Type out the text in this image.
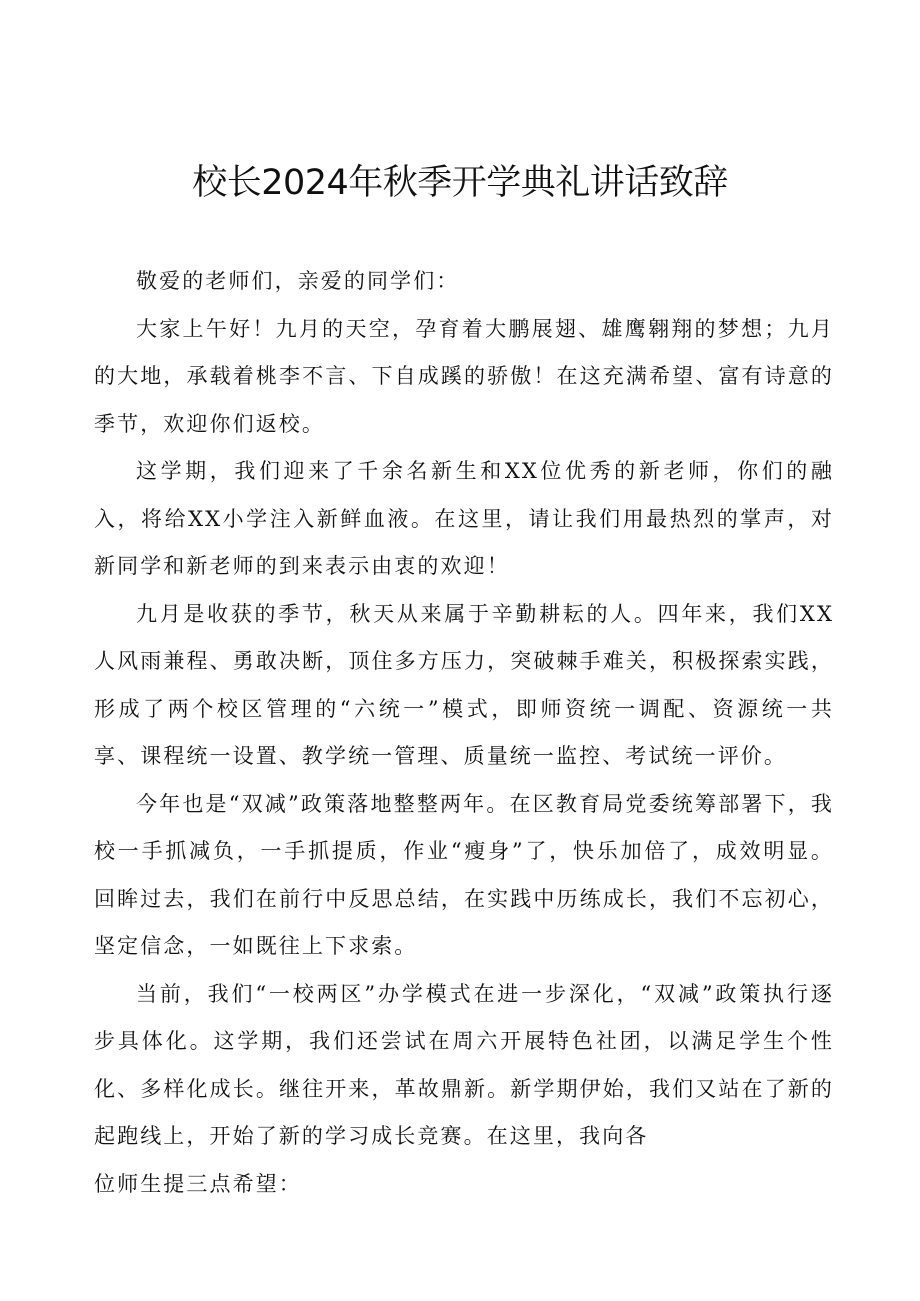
校长2024年秋季开学典礼讲话致辞

敬爱的老师们，亲爱的同学们：

大家上午好！九月的天空，孕育着大鹏展翅、雄鹰翱翔的梦想；九月的大地，承载着桃李不言、下自成蹊的骄傲！在这充满希望、富有诗意的季节，欢迎你们返校。

这学期，我们迎来了千余名新生和XX位优秀的新老师，你们的融入，将给XX小学注入新鲜血液。在这里，请让我们用最热烈的掌声，对新同学和新老师的到来表示由衷的欢迎！

九月是收获的季节，秋天从来属于辛勤耕耘的人。四年来，我们XX人风雨兼程、勇敢决断，顶住多方压力，突破棘手难关，积极探索实践，形成了两个校区管理的“六统一”模式，即师资统一调配、资源统一共享、课程统一设置、教学统一管理、质量统一监控、考试统一评价。

今年也是“双减”政策落地整整两年。在区教育局党委统筹部署下，我校一手抓减负，一手抓提质，作业“瘦身”了，快乐加倍了，成效明显。回眸过去，我们在前行中反思总结，在实践中历练成长，我们不忘初心，坚定信念，一如既往上下求索。

当前，我们“一校两区”办学模式在进一步深化，“双减”政策执行逐步具体化。这学期，我们还尝试在周六开展特色社团，以满足学生个性化、多样化成长。继往开来，革故鼎新。新学期伊始，我们又站在了新的起跑线上，开始了新的学习成长竞赛。在这里，我向各

位师生提三点希望：
